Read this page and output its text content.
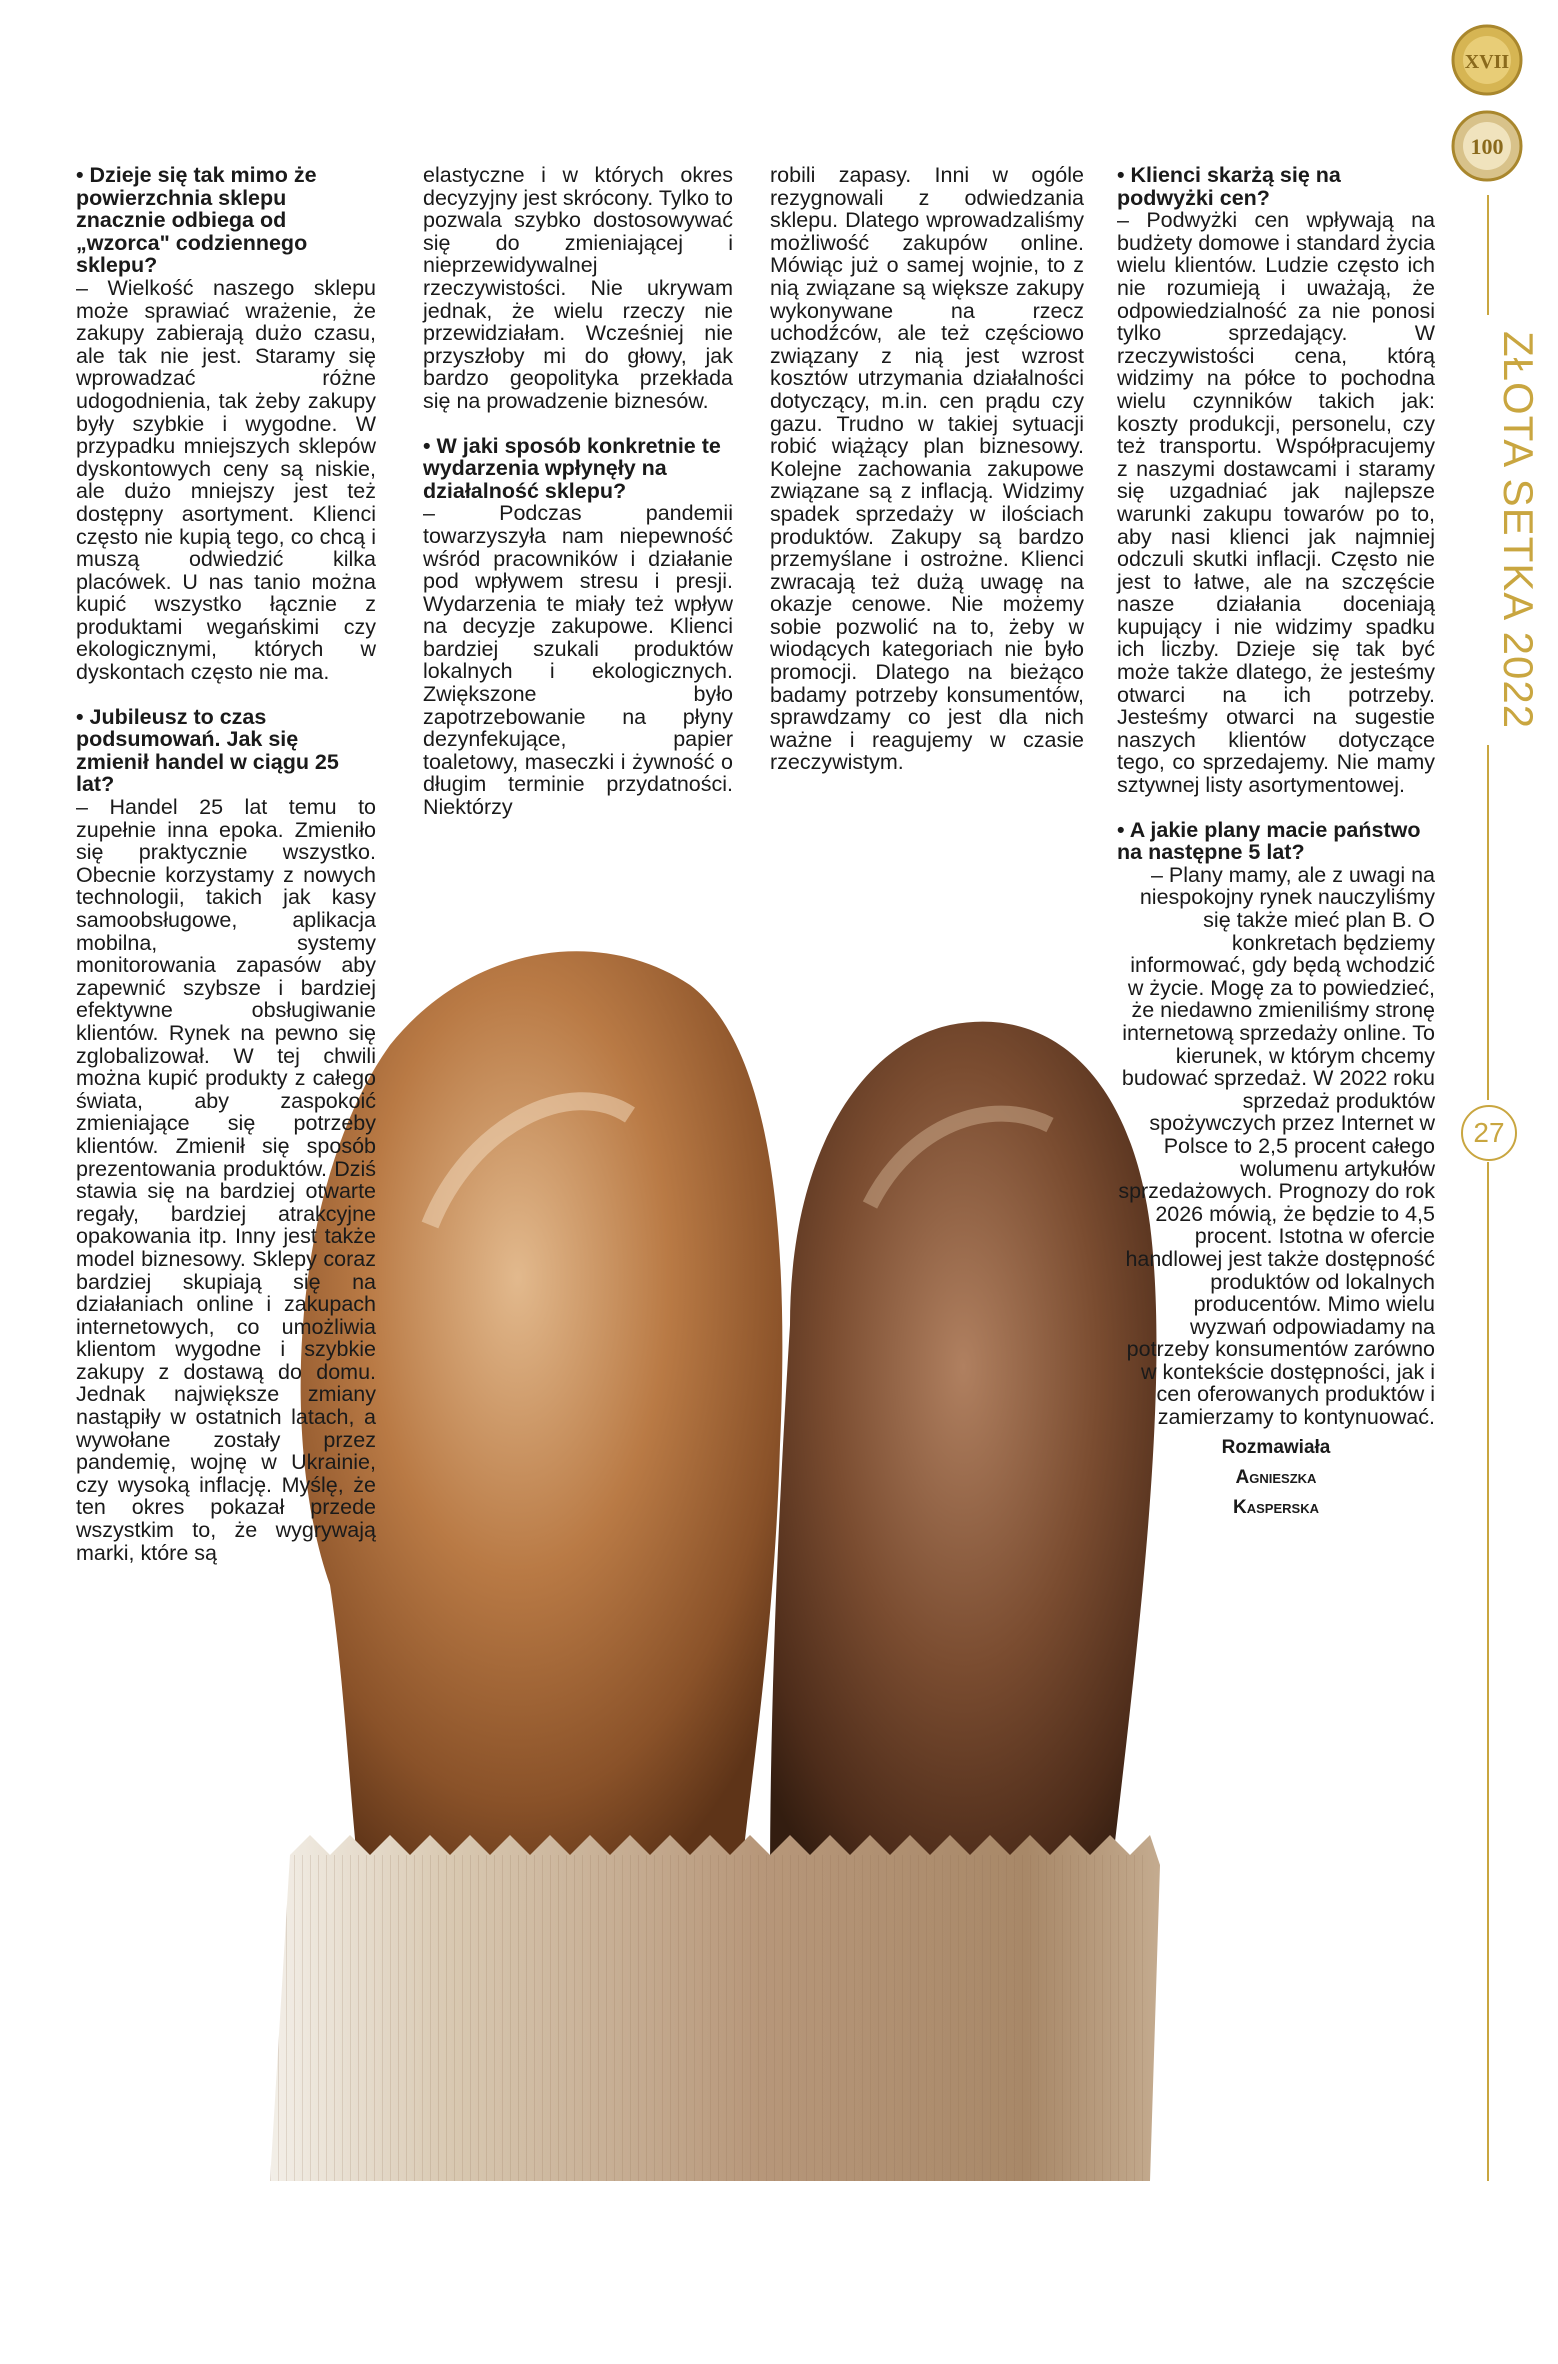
• Dzieje się tak mimo że powierzchnia sklepu znacznie odbiega od „wzorca" codziennego sklepu?

– Wielkość naszego sklepu może sprawiać wrażenie, że zakupy zabierają dużo czasu, ale tak nie jest. Staramy się wprowadzać różne udogodnienia, tak żeby zakupy były szybkie i wygodne. W przypadku mniejszych sklepów dyskontowych ceny są niskie, ale dużo mniejszy jest też dostępny asortyment. Klienci często nie kupią tego, co chcą i muszą odwiedzić kilka placówek. U nas tanio można kupić wszystko łącznie z produktami wegańskimi czy ekologicznymi, których w dyskontach często nie ma.

• Jubileusz to czas podsumowań. Jak się zmienił handel w ciągu 25 lat?

– Handel 25 lat temu to zupełnie inna epoka. Zmieniło się praktycznie wszystko. Obecnie korzystamy z nowych technologii, takich jak kasy samoobsługowe, aplikacja mobilna, systemy monitorowania zapasów aby zapewnić szybsze i bardziej efektywne obsługiwanie klientów. Rynek na pewno się zglobalizował. W tej chwili można kupić produkty z całego świata, aby zaspokoić zmieniające się potrzeby klientów. Zmienił się sposób prezentowania produktów. Dziś stawia się na bardziej otwarte regały, bardziej atrakcyjne opakowania itp. Inny jest także model biznesowy. Sklepy coraz bardziej skupiają się na działaniach online i zakupach internetowych, co umożliwia klientom wygodne i szybkie zakupy z dostawą do domu. Jednak największe zmiany nastąpiły w ostatnich latach, a wywołane zostały przez pandemię, wojnę w Ukrainie, czy wysoką inflację. Myślę, że ten okres pokazał przede wszystkim to, że wygrywają marki, które są

elastyczne i w których okres decyzyjny jest skrócony. Tylko to pozwala szybko dostosowywać się do zmieniającej i nieprzewidywalnej rzeczywistości. Nie ukrywam jednak, że wielu rzeczy nie przewidziałam. Wcześniej nie przyszłoby mi do głowy, jak bardzo geopolityka przekłada się na prowadzenie biznesów.

• W jaki sposób konkretnie te wydarzenia wpłynęły na działalność sklepu?

– Podczas pandemii towarzyszyła nam niepewność wśród pracowników i działanie pod wpływem stresu i presji. Wydarzenia te miały też wpływ na decyzje zakupowe. Klienci bardziej szukali produktów lokalnych i ekologicznych. Zwiększone było zapotrzebowanie na płyny dezynfekujące, papier toaletowy, maseczki i żywność o długim terminie przydatności. Niektórzy

robili zapasy. Inni w ogóle rezygnowali z odwiedzania sklepu. Dlatego wprowadzaliśmy możliwość zakupów online. Mówiąc już o samej wojnie, to z nią związane są większe zakupy wykonywane na rzecz uchodźców, ale też częściowo związany z nią jest wzrost kosztów utrzymania działalności dotyczący, m.in. cen prądu czy gazu. Trudno w takiej sytuacji robić wiążący plan biznesowy. Kolejne zachowania zakupowe związane są z inflacją. Widzimy spadek sprzedaży w ilościach produktów. Zakupy są bardzo przemyślane i ostrożne. Klienci zwracają też dużą uwagę na okazje cenowe. Nie możemy sobie pozwolić na to, żeby w wiodących kategoriach nie było promocji. Dlatego na bieżąco badamy potrzeby konsumentów, sprawdzamy co jest dla nich ważne i reagujemy w czasie rzeczywistym.

• Klienci skarżą się na podwyżki cen?

– Podwyżki cen wpływają na budżety domowe i standard życia wielu klientów. Ludzie często ich nie rozumieją i uważają, że odpowiedzialność za nie ponosi tylko sprzedający. W rzeczywistości cena, którą widzimy na półce to pochodna wielu czynników takich jak: koszty produkcji, personelu, czy też transportu. Współpracujemy z naszymi dostawcami i staramy się uzgadniać jak najlepsze warunki zakupu towarów po to, aby nasi klienci jak najmniej odczuli skutki inflacji. Często nie jest to łatwe, ale na szczęście nasze działania doceniają kupujący i nie widzimy spadku ich liczby. Dzieje się tak być może także dlatego, że jesteśmy otwarci na ich potrzeby. Jesteśmy otwarci na sugestie naszych klientów dotyczące tego, co sprzedajemy. Nie mamy sztywnej listy asortymentowej.

• A jakie plany macie państwo na następne 5 lat?

– Plany mamy, ale z uwagi na niespokojny rynek nauczyliśmy się także mieć plan B. O konkretach będziemy informować, gdy będą wchodzić w życie. Mogę za to powiedzieć, że niedawno zmieniliśmy stronę internetową sprzedaży online. To kierunek, w którym chcemy budować sprzedaż. W 2022 roku sprzedaż produktów spożywczych przez Internet w Polsce to 2,5 procent całego wolumenu artykułów sprzedażowych. Prognozy do rok 2026 mówią, że będzie to 4,5 procent. Istotna w ofercie handlowej jest także dostępność produktów od lokalnych producentów. Mimo wielu wyzwań odpowiadamy na potrzeby konsumentów zarówno w kontekście dostępności, jak i cen oferowanych produktów i zamierzamy to kontynuować.

Rozmawiała
Agnieszka
Kasperska
XVII
100
ZŁOTA SETKA 2022
27
